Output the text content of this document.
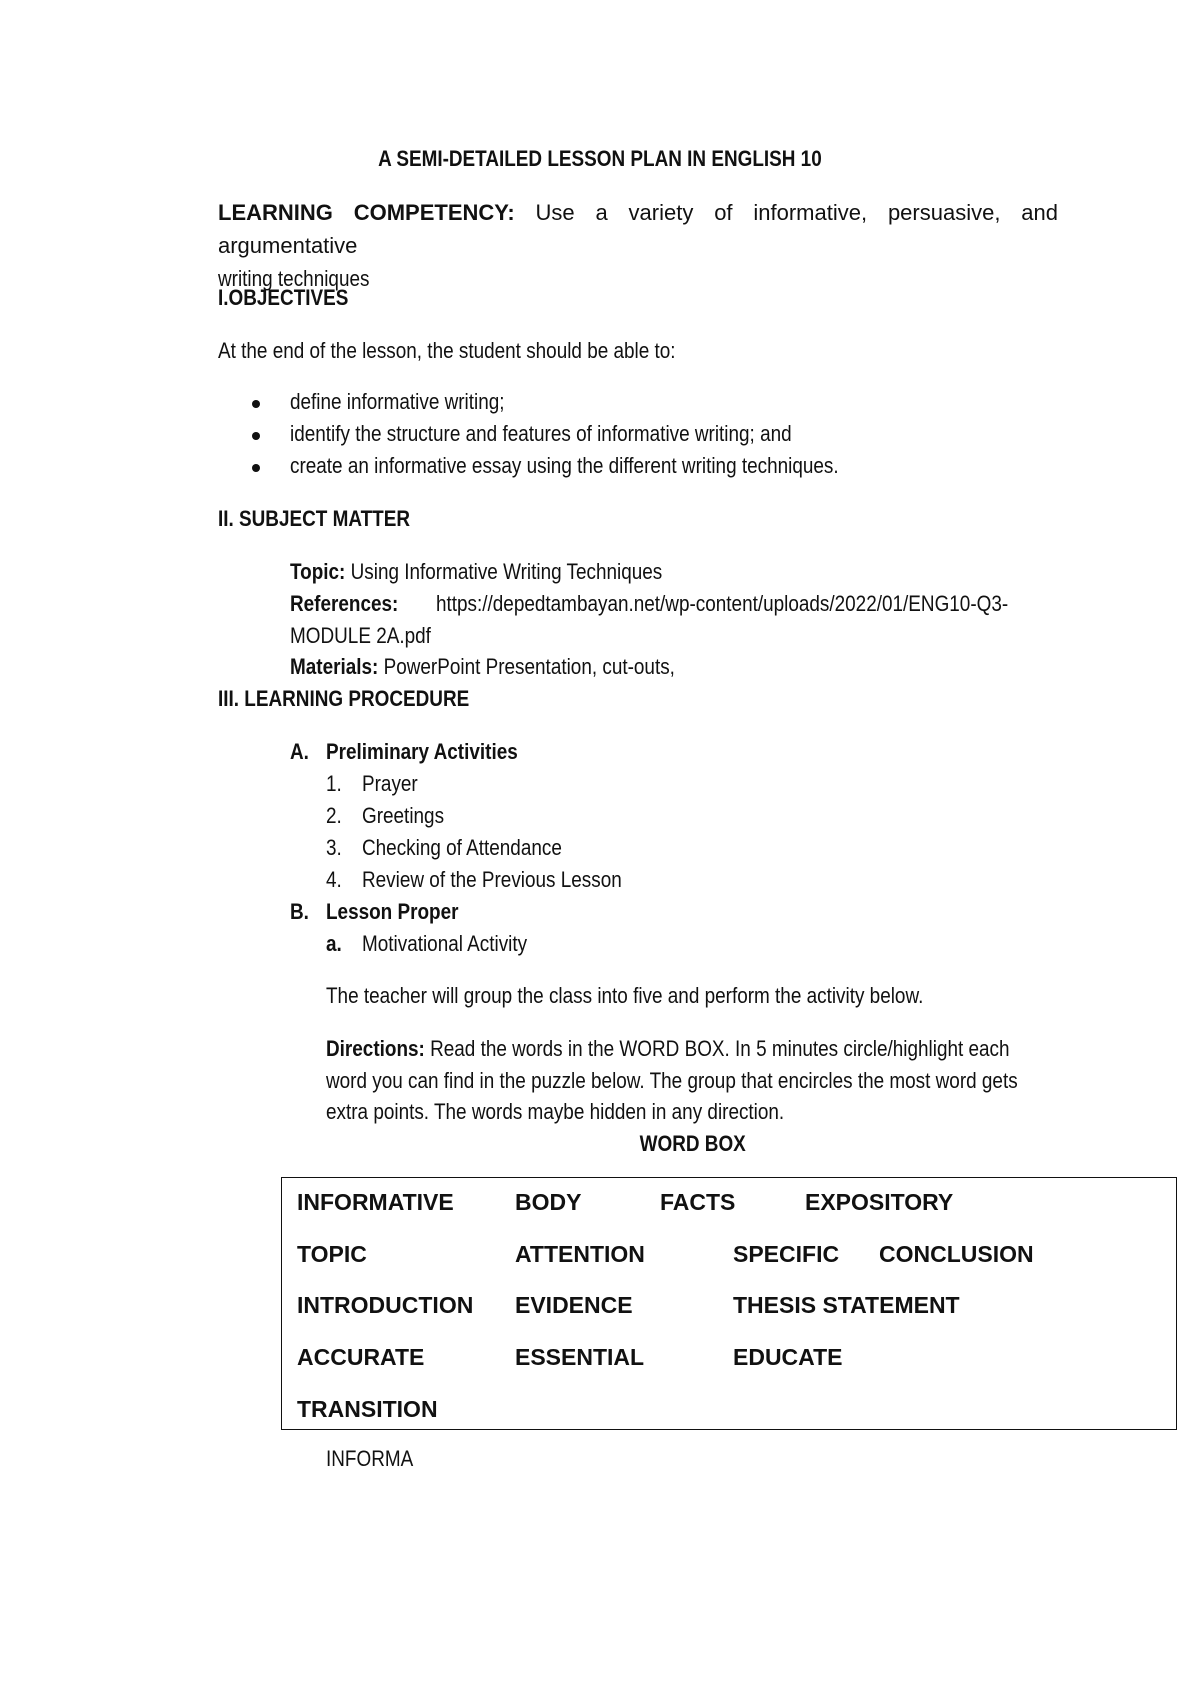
A SEMI-DETAILED LESSON PLAN IN ENGLISH 10
LEARNING COMPETENCY: Use a variety of informative, persuasive, and argumentative
writing techniques
I.OBJECTIVES
At the end of the lesson, the student should be able to:
define informative writing;
identify the structure and features of informative writing; and
create an informative essay using the different writing techniques.
II. SUBJECT MATTER
Topic: Using Informative Writing Techniques
References:	https://depedtambayan.net/wp-content/uploads/2022/01/ENG10-Q3-
MODULE 2A.pdf
Materials: PowerPoint Presentation, cut-outs,
III. LEARNING PROCEDURE
A. Preliminary Activities
1. Prayer
2. Greetings
3. Checking of Attendance
4. Review of the Previous Lesson
B. Lesson Proper
a. Motivational Activity
The teacher will group the class into five and perform the activity below.
Directions: Read the words in the WORD BOX. In 5 minutes circle/highlight each
word you can find in the puzzle below. The group that encircles the most word gets
extra points. The words maybe hidden in any direction.
WORD BOX
INFORMATIVE	BODY	FACTS	EXPOSITORY
TOPIC	ATTENTION	SPECIFIC CONCLUSION
INTRODUCTION EVIDENCE	THESIS STATEMENT
ACCURATE	ESSENTIAL	EDUCATE
TRANSITION
INFORMA
